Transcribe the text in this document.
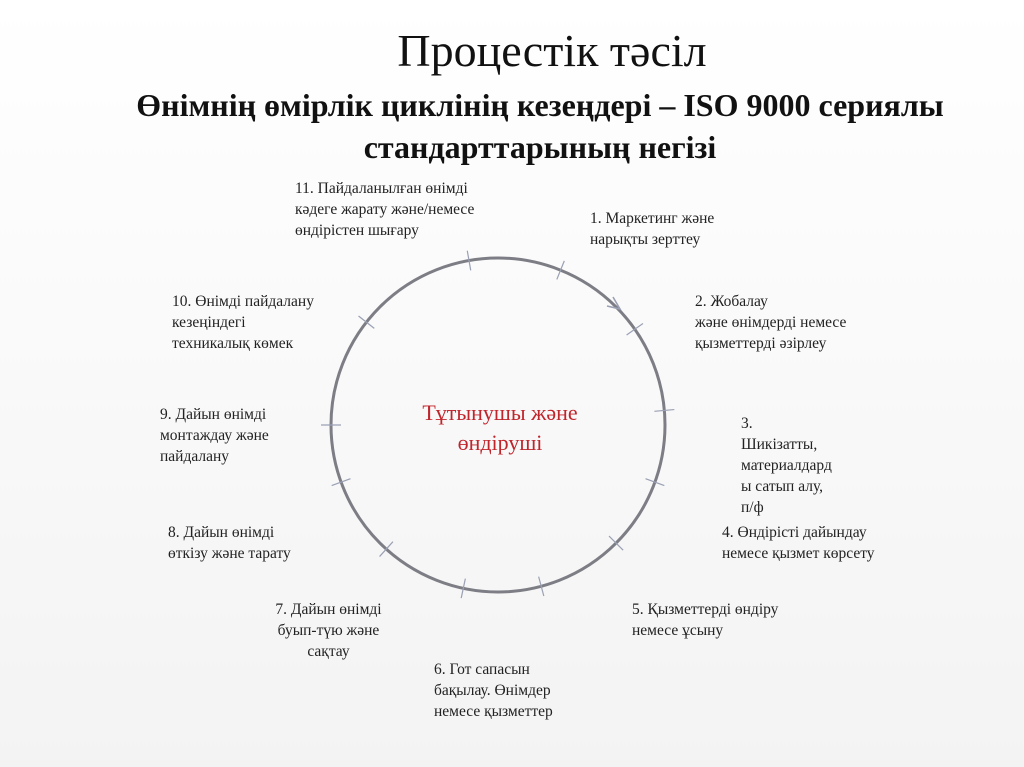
Процестік тәсіл
Өнімнің өмірлік циклінің кезеңдері – ISO 9000 сериялы
стандарттарының негізі
Тұтынушы және
өндіруші
1. Маркетинг және
нарықты зерттеу
2. Жобалау
және өнімдерді немесе
қызметтерді әзірлеу
3.
Шикізатты,
материалдард
ы сатып алу,
п/ф
4. Өндірісті дайындау
немесе қызмет көрсету
5. Қызметтерді өндіру
немесе ұсыну
6. Гот сапасын
бақылау. Өнімдер
немесе қызметтер
7. Дайын өнімді
буып-түю және
сақтау
8. Дайын өнімді
өткізу және тарату
9. Дайын өнімді
монтаждау және
пайдалану
10. Өнімді пайдалану
кезеңіндегі
техникалық көмек
11. Пайдаланылған өнімді
кәдеге жарату және/немесе
өндірістен шығару
